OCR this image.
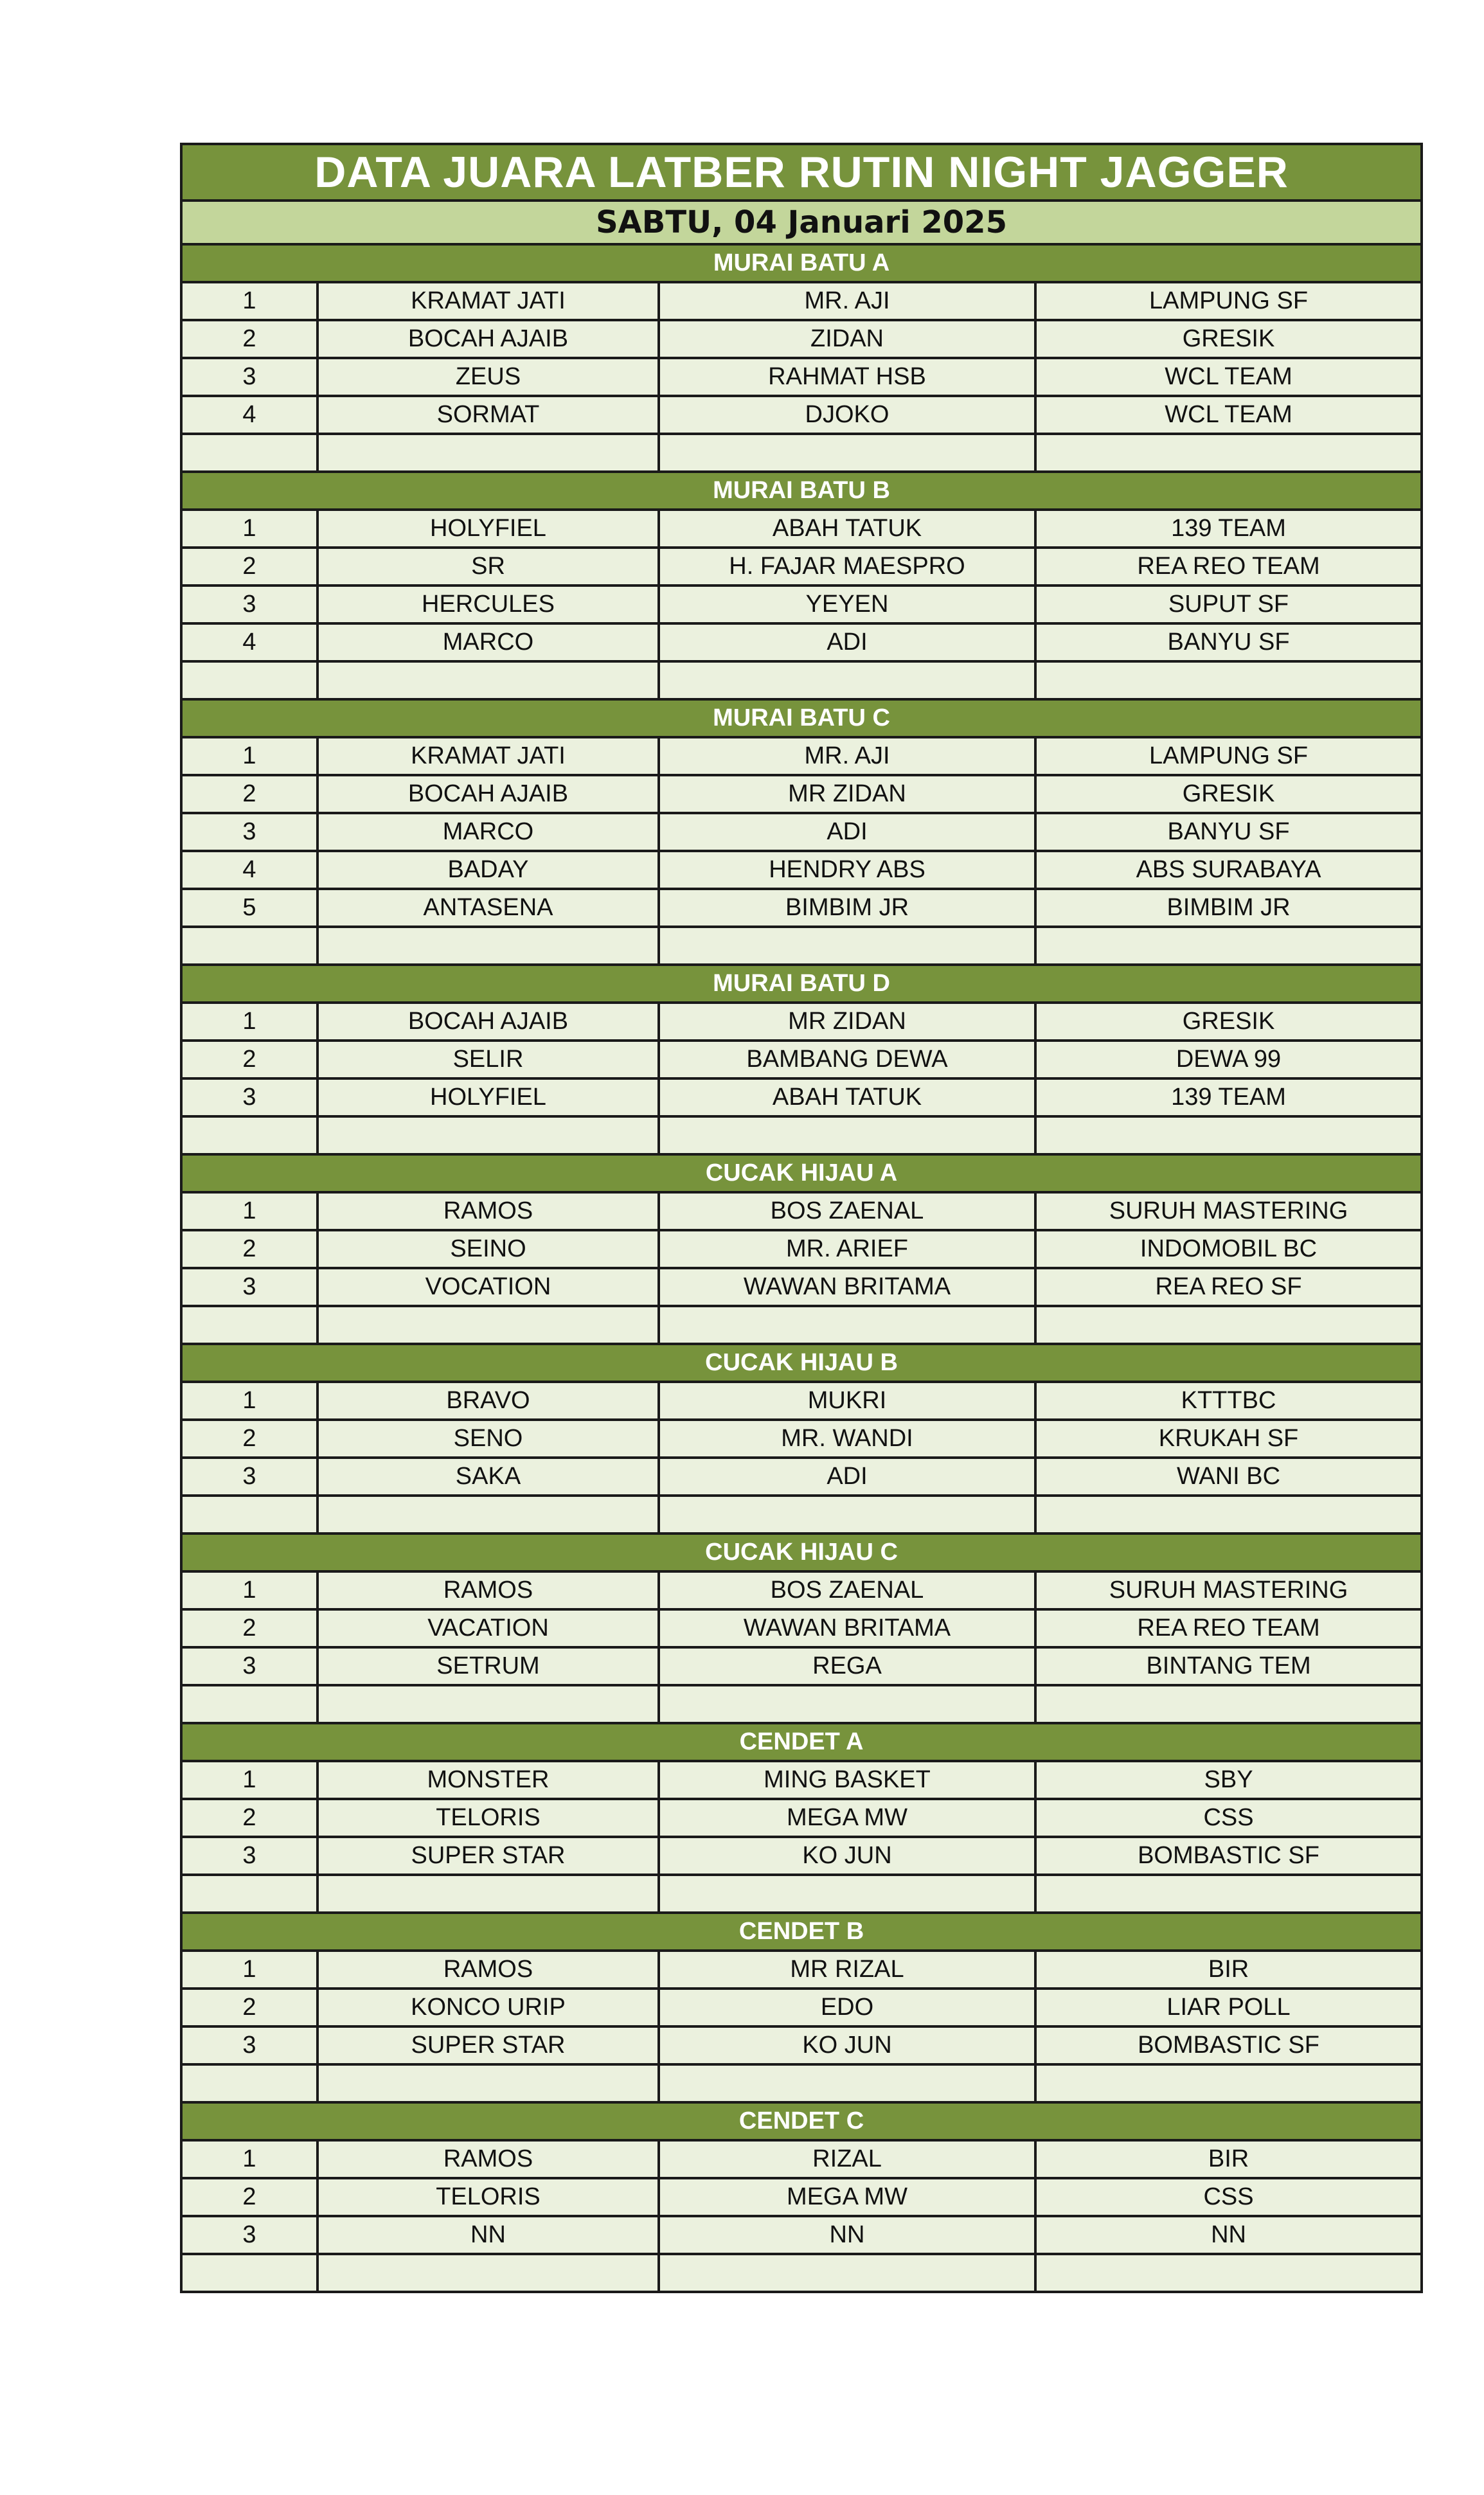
DATA JUARA LATBER RUTIN NIGHT JAGGER			
SABTU, 04 Januari 2025			
MURAI BATU A			
1	KRAMAT JATI	MR. AJI	LAMPUNG SF
2	BOCAH AJAIB	ZIDAN	GRESIK
3	ZEUS	RAHMAT HSB	WCL TEAM
4	SORMAT	DJOKO	WCL TEAM

MURAI BATU B			
1	HOLYFIEL	ABAH TATUK	139 TEAM
2	SR	H. FAJAR MAESPRO	REA REO TEAM
3	HERCULES	YEYEN	SUPUT SF
4	MARCO	ADI	BANYU SF

MURAI BATU C			
1	KRAMAT JATI	MR. AJI	LAMPUNG SF
2	BOCAH AJAIB	MR ZIDAN	GRESIK
3	MARCO	ADI	BANYU SF
4	BADAY	HENDRY ABS	ABS SURABAYA
5	ANTASENA	BIMBIM JR	BIMBIM JR

MURAI BATU D			
1	BOCAH AJAIB	MR ZIDAN	GRESIK
2	SELIR	BAMBANG DEWA	DEWA 99
3	HOLYFIEL	ABAH TATUK	139 TEAM

CUCAK HIJAU A			
1	RAMOS	BOS ZAENAL	SURUH MASTERING
2	SEINO	MR. ARIEF	INDOMOBIL BC
3	VOCATION	WAWAN BRITAMA	REA REO SF

CUCAK HIJAU B			
1	BRAVO	MUKRI	KTTTBC
2	SENO	MR. WANDI	KRUKAH SF
3	SAKA	ADI	WANI BC

CUCAK HIJAU C			
1	RAMOS	BOS ZAENAL	SURUH MASTERING
2	VACATION	WAWAN BRITAMA	REA REO TEAM
3	SETRUM	REGA	BINTANG TEM

CENDET A			
1	MONSTER	MING BASKET	SBY
2	TELORIS	MEGA MW	CSS
3	SUPER STAR	KO JUN	BOMBASTIC SF

CENDET B			
1	RAMOS	MR RIZAL	BIR
2	KONCO URIP	EDO	LIAR POLL
3	SUPER STAR	KO JUN	BOMBASTIC SF

CENDET C			
1	RAMOS	RIZAL	BIR
2	TELORIS	MEGA MW	CSS
3	NN	NN	NN
